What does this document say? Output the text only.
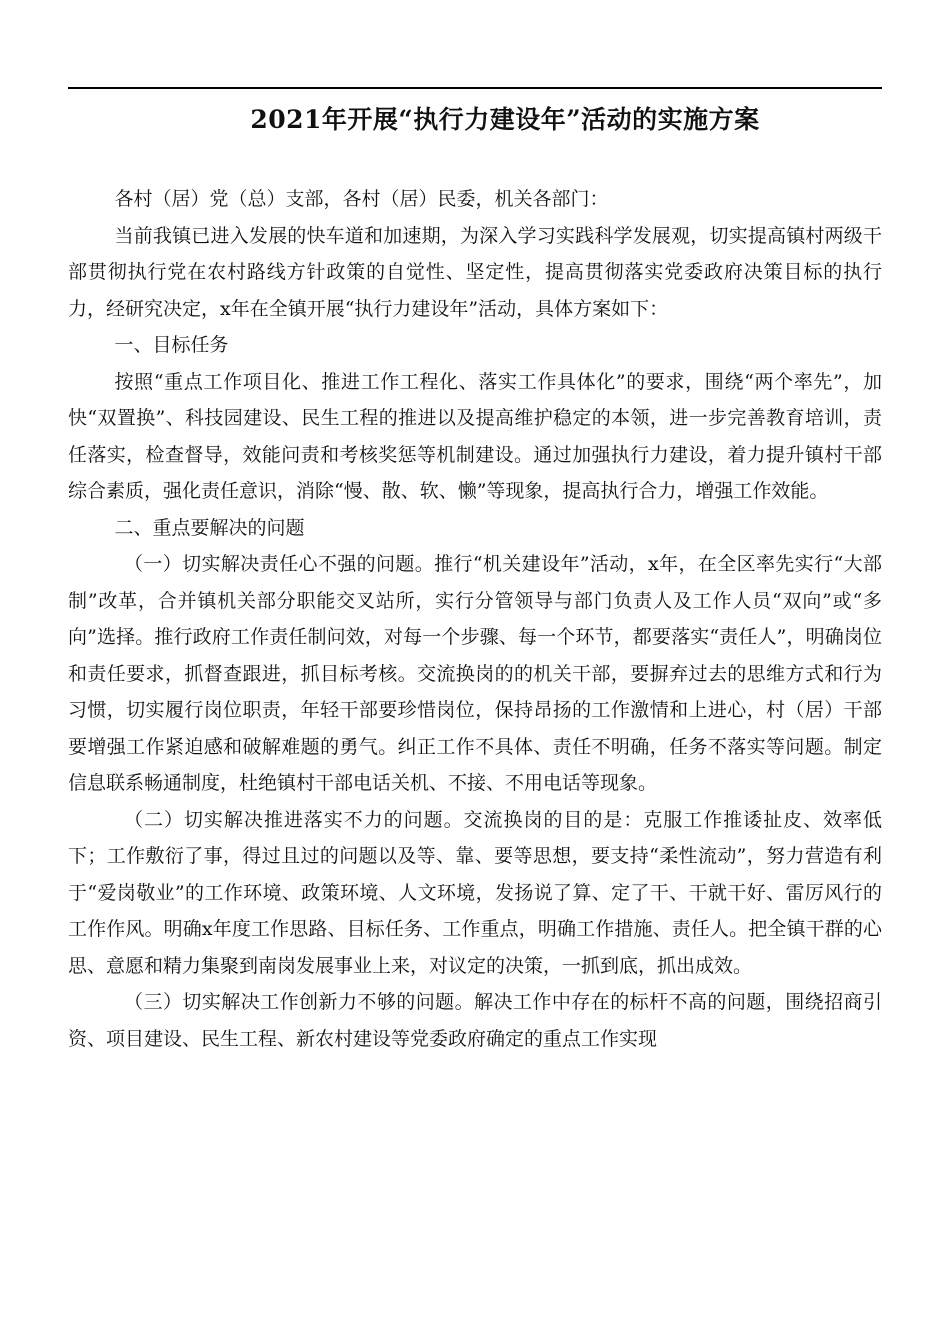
2021年开展“执行力建设年”活动的实施方案

各村（居）党（总）支部，各村（居）民委，机关各部门：

当前我镇已进入发展的快车道和加速期，为深入学习实践科学发展观，切实提高镇村两级干部贯彻执行党在农村路线方针政策的自觉性、坚定性，提高贯彻落实党委政府决策目标的执行力，经研究决定，x年在全镇开展“执行力建设年”活动，具体方案如下：

一、目标任务

按照“重点工作项目化、推进工作工程化、落实工作具体化”的要求，围绕“两个率先”，加快“双置换”、科技园建设、民生工程的推进以及提高维护稳定的本领，进一步完善教育培训，责任落实，检查督导，效能问责和考核奖惩等机制建设。通过加强执行力建设，着力提升镇村干部综合素质，强化责任意识，消除“慢、散、软、懒”等现象，提高执行合力，增强工作效能。

二、重点要解决的问题

（一）切实解决责任心不强的问题。推行“机关建设年”活动，x年，在全区率先实行“大部制”改革，合并镇机关部分职能交叉站所，实行分管领导与部门负责人及工作人员“双向”或“多向”选择。推行政府工作责任制问效，对每一个步骤、每一个环节，都要落实“责任人”，明确岗位和责任要求，抓督查跟进，抓目标考核。交流换岗的的机关干部，要摒弃过去的思维方式和行为习惯，切实履行岗位职责，年轻干部要珍惜岗位，保持昂扬的工作激情和上进心，村（居）干部要增强工作紧迫感和破解难题的勇气。纠正工作不具体、责任不明确，任务不落实等问题。制定信息联系畅通制度，杜绝镇村干部电话关机、不接、不用电话等现象。

（二）切实解决推进落实不力的问题。交流换岗的目的是：克服工作推诿扯皮、效率低下；工作敷衍了事，得过且过的问题以及等、靠、要等思想，要支持“柔性流动”，努力营造有利于“爱岗敬业”的工作环境、政策环境、人文环境，发扬说了算、定了干、干就干好、雷厉风行的工作作风。明确x年度工作思路、目标任务、工作重点，明确工作措施、责任人。把全镇干群的心思、意愿和精力集聚到南岗发展事业上来，对议定的决策，一抓到底，抓出成效。

（三）切实解决工作创新力不够的问题。解决工作中存在的标杆不高的问题，围绕招商引资、项目建设、民生工程、新农村建设等党委政府确定的重点工作实现
